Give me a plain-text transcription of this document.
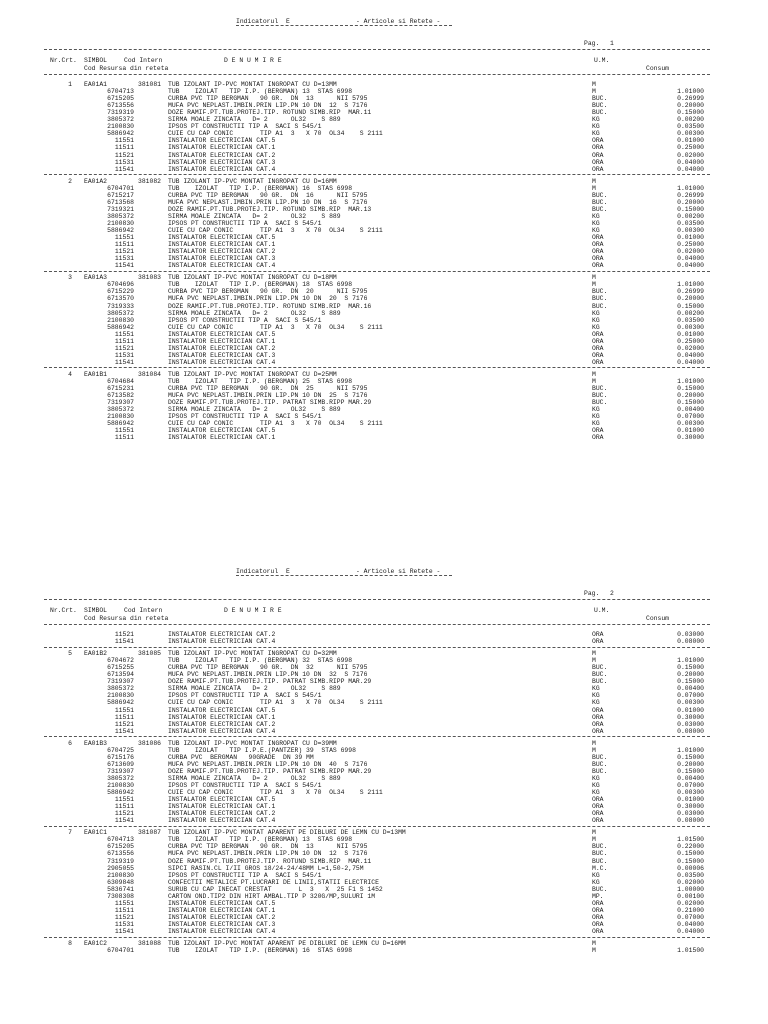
Indicatorul E	- Articole si Retete -
Pag. 1
Nr.Crt. SIMBOL	Cod Intern	D E N U M I R E	U.M.
Cod Resursa din reteta	Consum
1 EA01A1	381081 TUB IZOLANT IP-PVC MONTAT INGROPAT CU D=13MM	M
6704713	TUB    IZOLAT   TIP I.P. (BERGMAN) 13  STAS 6998	M	1.01000
6715205	CURBA PVC TIP BERGMAN   90 GR.  DN  13      NII 5795	BUC.	0.26999
6713556	MUFA PVC NEPLAST.IMBIN.PRIN LIP.PN 10 DN  12  S 7176	BUC.	0.20000
7319319	DOZE RAMIF.PT.TUB.PROTEJ.TIP. ROTUND SIMB.RIP  MAR.11	BUC.	0.15000
3805372	SIRMA MOALE ZINCATA   D= 2      OL32    S 889	KG	0.00200
2100830	IPSOS PT CONSTRUCTII TIP A  SACI S 545/1	KG	0.03500
5886942	CUIE CU CAP CONIC       TIP A1  3   X 70  OL34    S 2111	KG	0.00300
11551	INSTALATOR ELECTRICIAN CAT.5	ORA	0.01000
11511	INSTALATOR ELECTRICIAN CAT.1	ORA	0.25000
11521	INSTALATOR ELECTRICIAN CAT.2	ORA	0.02000
11531	INSTALATOR ELECTRICIAN CAT.3	ORA	0.04000
11541	INSTALATOR ELECTRICIAN CAT.4	ORA	0.04000
2 EA01A2	381082 TUB IZOLANT IP-PVC MONTAT INGROPAT CU D=16MM	M
6704701	TUB    IZOLAT   TIP I.P. (BERGMAN) 16  STAS 6998	M	1.01000
6715217	CURBA PVC TIP BERGMAN   90 GR.  DN  16      NII 5795	BUC.	0.26999
6713568	MUFA PVC NEPLAST.IMBIN.PRIN LIP.PN 10 DN  16  S 7176	BUC.	0.20000
7319321	DOZE RAMIF.PT.TUB.PROTEJ.TIP. ROTUND SIMB.RIP  MAR.13	BUC.	0.15000
3805372	SIRMA MOALE ZINCATA   D= 2      OL32    S 889	KG	0.00200
2100830	IPSOS PT CONSTRUCTII TIP A  SACI S 545/1	KG	0.03500
5886942	CUIE CU CAP CONIC       TIP A1  3   X 70  OL34    S 2111	KG	0.00300
11551	INSTALATOR ELECTRICIAN CAT.5	ORA	0.01000
11511	INSTALATOR ELECTRICIAN CAT.1	ORA	0.25000
11521	INSTALATOR ELECTRICIAN CAT.2	ORA	0.02000
11531	INSTALATOR ELECTRICIAN CAT.3	ORA	0.04000
11541	INSTALATOR ELECTRICIAN CAT.4	ORA	0.04000
3 EA01A3	381083 TUB IZOLANT IP-PVC MONTAT INGROPAT CU D=18MM	M
6704696	TUB    IZOLAT   TIP I.P. (BERGMAN) 18  STAS 6998	M	1.01000
6715229	CURBA PVC TIP BERGMAN   90 GR.  DN  20      NII 5795	BUC.	0.26999
6713570	MUFA PVC NEPLAST.IMBIN.PRIN LIP.PN 10 DN  20  S 7176	BUC.	0.20000
7319333	DOZE RAMIF.PT.TUB.PROTEJ.TIP. ROTUND SIMB.RIP  MAR.16	BUC.	0.15000
3805372	SIRMA MOALE ZINCATA   D= 2      OL32    S 889	KG	0.00200
2100830	IPSOS PT CONSTRUCTII TIP A  SACI S 545/1	KG	0.03500
5886942	CUIE CU CAP CONIC       TIP A1  3   X 70  OL34    S 2111	KG	0.00300
11551	INSTALATOR ELECTRICIAN CAT.5	ORA	0.01000
11511	INSTALATOR ELECTRICIAN CAT.1	ORA	0.25000
11521	INSTALATOR ELECTRICIAN CAT.2	ORA	0.02000
11531	INSTALATOR ELECTRICIAN CAT.3	ORA	0.04000
11541	INSTALATOR ELECTRICIAN CAT.4	ORA	0.04000
4 EA01B1	381084 TUB IZOLANT IP-PVC MONTAT INGROPAT CU D=25MM	M
6704684	TUB    IZOLAT   TIP I.P. (BERGMAN) 25  STAS 6998	M	1.01000
6715231	CURBA PVC TIP BERGMAN   90 GR.  DN  25      NII 5795	BUC.	0.15000
6713582	MUFA PVC NEPLAST.IMBIN.PRIN LIP.PN 10 DN  25  S 7176	BUC.	0.20000
7319307	DOZE RAMIF.PT.TUB.PROTEJ.TIP. PATRAT SIMB.RIPP MAR.29	BUC.	0.15000
3805372	SIRMA MOALE ZINCATA   D= 2      OL32    S 889	KG	0.00400
2100830	IPSOS PT CONSTRUCTII TIP A  SACI S 545/1	KG	0.07000
5886942	CUIE CU CAP CONIC       TIP A1  3   X 70  OL34    S 2111	KG	0.00300
11551	INSTALATOR ELECTRICIAN CAT.5	ORA	0.01000
11511	INSTALATOR ELECTRICIAN CAT.1	ORA	0.30000
Indicatorul E	- Articole si Retete -
Pag. 2
Nr.Crt. SIMBOL	Cod Intern	D E N U M I R E	U.M.
Cod Resursa din reteta	Consum
11521	INSTALATOR ELECTRICIAN CAT.2	ORA	0.03000
11541	INSTALATOR ELECTRICIAN CAT.4	ORA	0.08000
5 EA01B2	381085 TUB IZOLANT IP-PVC MONTAT INGROPAT CU D=32MM	M
6704672	TUB    IZOLAT   TIP I.P. (BERGMAN) 32  STAS 6998	M	1.01000
6715255	CURBA PVC TIP BERGMAN   90 GR.  DN  32      NII 5795	BUC.	0.15000
6713594	MUFA PVC NEPLAST.IMBIN.PRIN LIP.PN 10 DN  32  S 7176	BUC.	0.20000
7319307	DOZE RAMIF.PT.TUB.PROTEJ.TIP. PATRAT SIMB.RIPP MAR.29	BUC.	0.15000
3805372	SIRMA MOALE ZINCATA   D= 2      OL32    S 889	KG	0.00400
2100830	IPSOS PT CONSTRUCTII TIP A  SACI S 545/1	KG	0.07000
5886942	CUIE CU CAP CONIC       TIP A1  3   X 70  OL34    S 2111	KG	0.00300
11551	INSTALATOR ELECTRICIAN CAT.5	ORA	0.01000
11511	INSTALATOR ELECTRICIAN CAT.1	ORA	0.30000
11521	INSTALATOR ELECTRICIAN CAT.2	ORA	0.03000
11541	INSTALATOR ELECTRICIAN CAT.4	ORA	0.08000
6 EA01B3	381086 TUB IZOLANT IP-PVC MONTAT INGROPAT CU D=39MM	M
6704725	TUB    IZOLAT   TIP I.P.E.(PANTZER) 39  STAS 6998	M	1.01000
6715176	CURBA PVC  BERGMAN   90GRADE  DN 39 MM	BUC.	0.15000
6713609	MUFA PVC NEPLAST.IMBIN.PRIN LIP.PN 10 DN  40  S 7176	BUC.	0.20000
7319307	DOZE RAMIF.PT.TUB.PROTEJ.TIP. PATRAT SIMB.RIPP MAR.29	BUC.	0.15000
3805372	SIRMA MOALE ZINCATA   D= 2      OL32    S 889	KG	0.00400
2100830	IPSOS PT CONSTRUCTII TIP A  SACI S 545/1	KG	0.07000
5886942	CUIE CU CAP CONIC       TIP A1  3   X 70  OL34    S 2111	KG	0.00300
11551	INSTALATOR ELECTRICIAN CAT.5	ORA	0.01000
11511	INSTALATOR ELECTRICIAN CAT.1	ORA	0.30000
11521	INSTALATOR ELECTRICIAN CAT.2	ORA	0.03000
11541	INSTALATOR ELECTRICIAN CAT.4	ORA	0.08000
7 EA01C1	381087 TUB IZOLANT IP-PVC MONTAT APARENT PE DIBLURI DE LEMN CU D=13MM	M
6704713	TUB    IZOLAT   TIP I.P. (BERGMAN) 13  STAS 6998	M	1.01500
6715205	CURBA PVC TIP BERGMAN   90 GR.  DN  13      NII 5795	BUC.	0.22000
6713556	MUFA PVC NEPLAST.IMBIN.PRIN LIP.PN 10 DN  12  S 7176	BUC.	0.15000
7319319	DOZE RAMIF.PT.TUB.PROTEJ.TIP. ROTUND SIMB.RIP  MAR.11	BUC.	0.15000
2905055	SIPCI RASIN.CL I/II GROS 18/24-24/48MM L=1,50-2,75M	M.C.	0.00006
2100830	IPSOS PT CONSTRUCTII TIP A  SACI S 545/1	KG	0.03500
6309848	CONFECTII METALICE PT.LUCRARI DE LINII,STATII ELECTRICE	KG	0.02000
5836741	SURUB CU CAP INECAT CRESTAT       L  3   X  25 F1 S 1452	BUC.	1.00000
7308308	CARTON OND.TIP2 DIN HIRT AMBAL.TIP P 320G/MP,SULURI 1M	MP.	0.00100
11551	INSTALATOR ELECTRICIAN CAT.5	ORA	0.02000
11511	INSTALATOR ELECTRICIAN CAT.1	ORA	0.21000
11521	INSTALATOR ELECTRICIAN CAT.2	ORA	0.07000
11531	INSTALATOR ELECTRICIAN CAT.3	ORA	0.04000
11541	INSTALATOR ELECTRICIAN CAT.4	ORA	0.04000
8 EA01C2	381088 TUB IZOLANT IP-PVC MONTAT APARENT PE DIBLURI DE LEMN CU D=16MM	M
6704701	TUB    IZOLAT   TIP I.P. (BERGMAN) 16  STAS 6998	M	1.01500
